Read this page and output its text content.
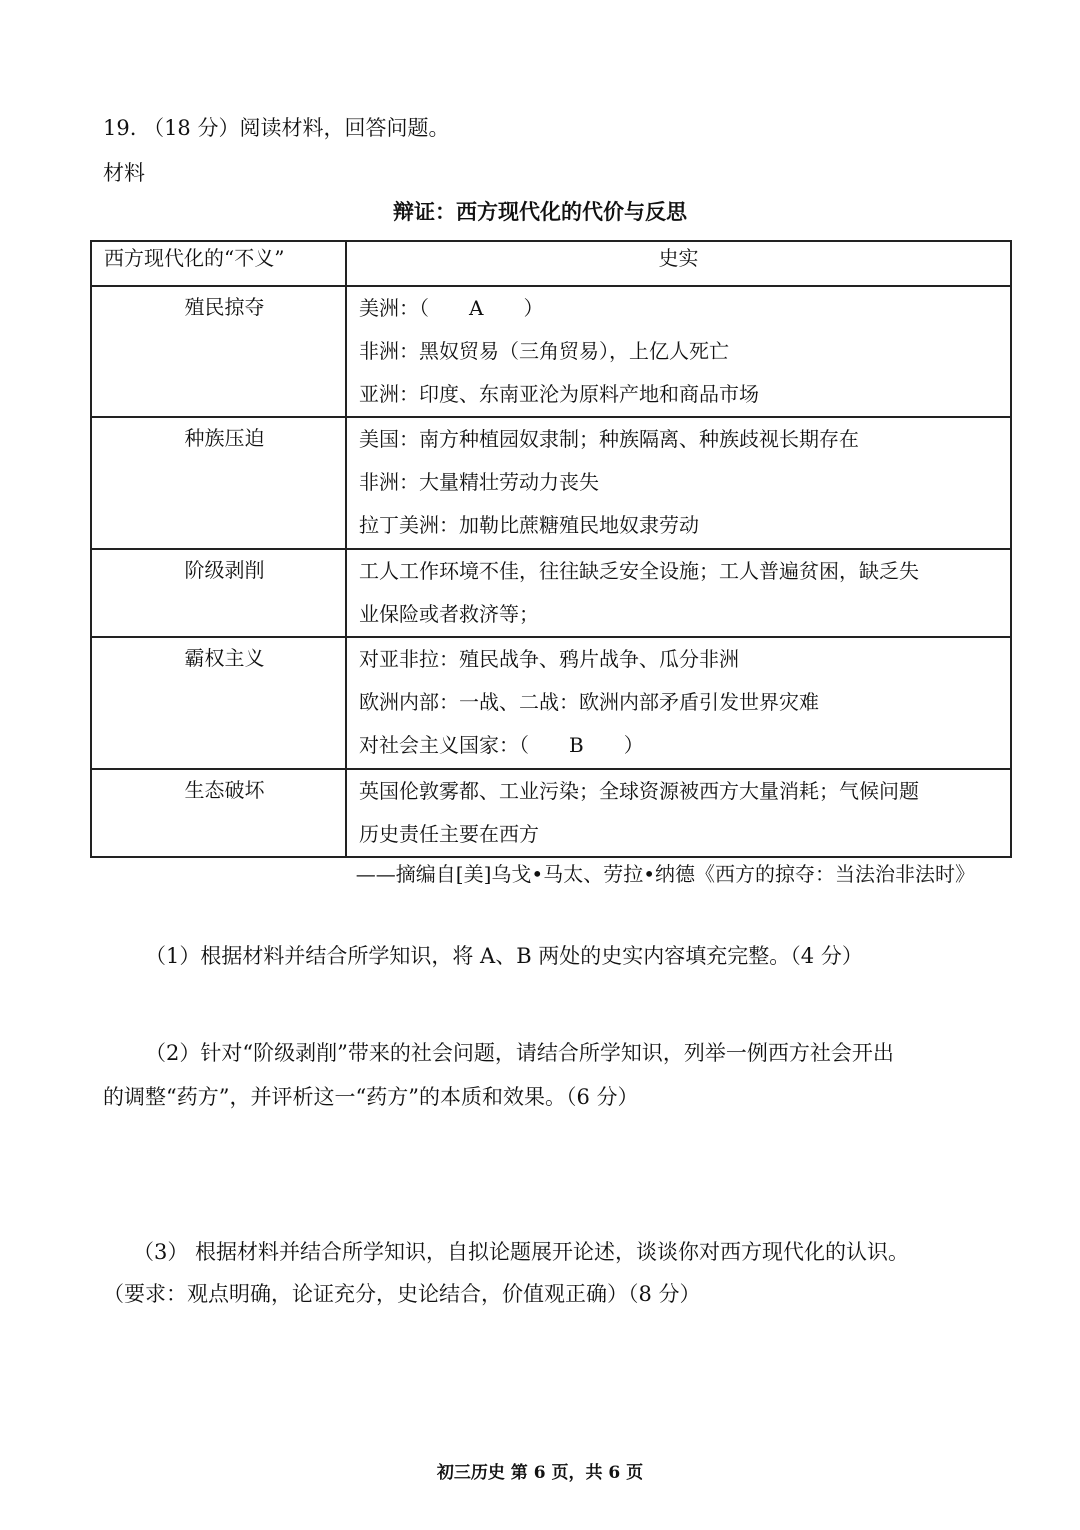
19. （18 分）阅读材料，回答问题。
材料
辩证：西方现代化的代价与反思
西方现代化的“不义”	史实

殖民掠夺	美洲：（　　A　　）
非洲：黑奴贸易（三角贸易），上亿人死亡
亚洲：印度、东南亚沦为原料产地和商品市场

种族压迫	美国：南方种植园奴隶制；种族隔离、种族歧视长期存在
非洲：大量精壮劳动力丧失
拉丁美洲：加勒比蔗糖殖民地奴隶劳动

阶级剥削	工人工作环境不佳，往往缺乏安全设施；工人普遍贫困，缺乏失
业保险或者救济等；

霸权主义	对亚非拉：殖民战争、鸦片战争、瓜分非洲
欧洲内部：一战、二战：欧洲内部矛盾引发世界灾难
对社会主义国家：（　　B　　）

生态破坏	英国伦敦雾都、工业污染；全球资源被西方大量消耗；气候问题
历史责任主要在西方
——摘编自[美]乌戈•马太、劳拉•纳德《西方的掠夺：当法治非法时》
（1）根据材料并结合所学知识，将 A、B 两处的史实内容填充完整。（4 分）
（2）针对“阶级剥削”带来的社会问题，请结合所学知识，列举一例西方社会开出
的调整“药方”，并评析这一“药方”的本质和效果。（6 分）
（3） 根据材料并结合所学知识，自拟论题展开论述，谈谈你对西方现代化的认识。
（要求：观点明确，论证充分，史论结合，价值观正确）（8 分）
初三历史 第 6 页，共 6 页
